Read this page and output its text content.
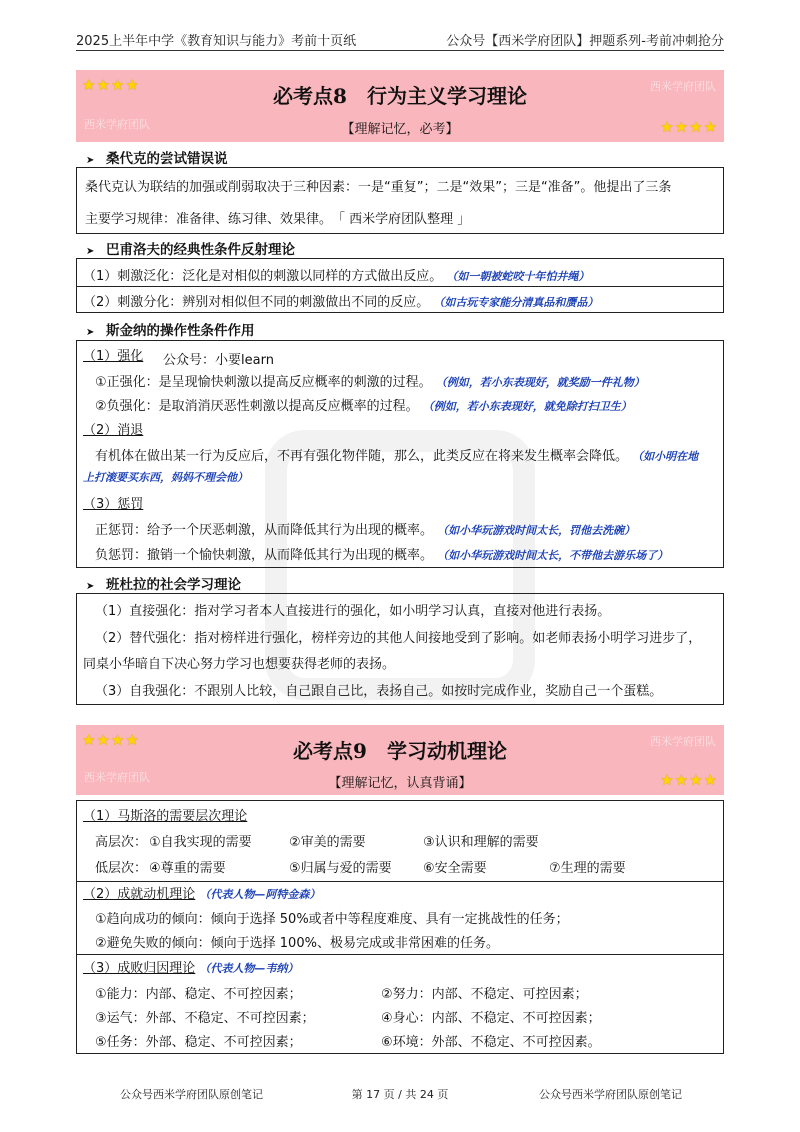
2025上半年中学《教育知识与能力》考前十页纸	公众号【西米学府团队】押题系列-考前冲刺抢分
★★★★	西米学府团队
西米学府团队	★★★★
必考点8　行为主义学习理论
【理解记忆，必考】
➤ 桑代克的尝试错误说
桑代克认为联结的加强或削弱取决于三种因素：一是“重复”；二是“效果”；三是“准备”。他提出了三条
主要学习规律：准备律、练习律、效果律。　「 西米学府团队整理 」
➤ 巴甫洛夫的经典性条件反射理论
（1）刺激泛化：泛化是对相似的刺激以同样的方式做出反应。 （如一朝被蛇咬十年怕井绳）
（2）刺激分化：辨别对相似但不同的刺激做出不同的反应。 （如古玩专家能分清真品和赝品）
➤ 斯金纳的操作性条件作用
（1）强化 公众号：小要learn
①正强化：是呈现愉快刺激以提高反应概率的刺激的过程。 （例如，若小东表现好，就奖励一件礼物）
②负强化：是取消消厌恶性刺激以提高反应概率的过程。 （例如，若小东表现好，就免除打扫卫生）
（2）消退
有机体在做出某一行为反应后，不再有强化物伴随，那么，此类反应在将来发生概率会降低。 （如小明在地
上打滚要买东西，妈妈不理会他）
（3）惩罚
正惩罚：给予一个厌恶刺激，从而降低其行为出现的概率。 （如小华玩游戏时间太长，罚他去洗碗）
负惩罚：撤销一个愉快刺激，从而降低其行为出现的概率。 （如小华玩游戏时间太长，不带他去游乐场了）
➤ 班杜拉的社会学习理论
（1）直接强化：指对学习者本人直接进行的强化，如小明学习认真，直接对他进行表扬。
（2）替代强化：指对榜样进行强化，榜样旁边的其他人间接地受到了影响。如老师表扬小明学习进步了，
同桌小华暗自下决心努力学习也想要获得老师的表扬。
（3）自我强化：不跟别人比较，自己跟自己比，表扬自己。如按时完成作业，奖励自己一个蛋糕。
★★★★	西米学府团队
西米学府团队	★★★★
必考点9　学习动机理论
【理解记忆，认真背诵】
（1）马斯洛的需要层次理论
高层次： ①自我实现的需要	②审美的需要	③认识和理解的需要
低层次： ④尊重的需要	⑤归属与爱的需要 ⑥安全需要	⑦生理的需要
（2）成就动机理论 （代表人物—阿特金森）
①趋向成功的倾向：倾向于选择 50%或者中等程度难度、具有一定挑战性的任务；
②避免失败的倾向：倾向于选择 100%、极易完成或非常困难的任务。
（3）成败归因理论 （代表人物—韦纳）
①能力：内部、稳定、不可控因素；	②努力：内部、不稳定、可控因素；
③运气：外部、不稳定、不可控因素；	④身心：内部、不稳定、不可控因素；
⑤任务：外部、稳定、不可控因素；	⑥环境：外部、不稳定、不可控因素。
公众号西米学府团队原创笔记	第 17 页 / 共 24 页	公众号西米学府团队原创笔记
